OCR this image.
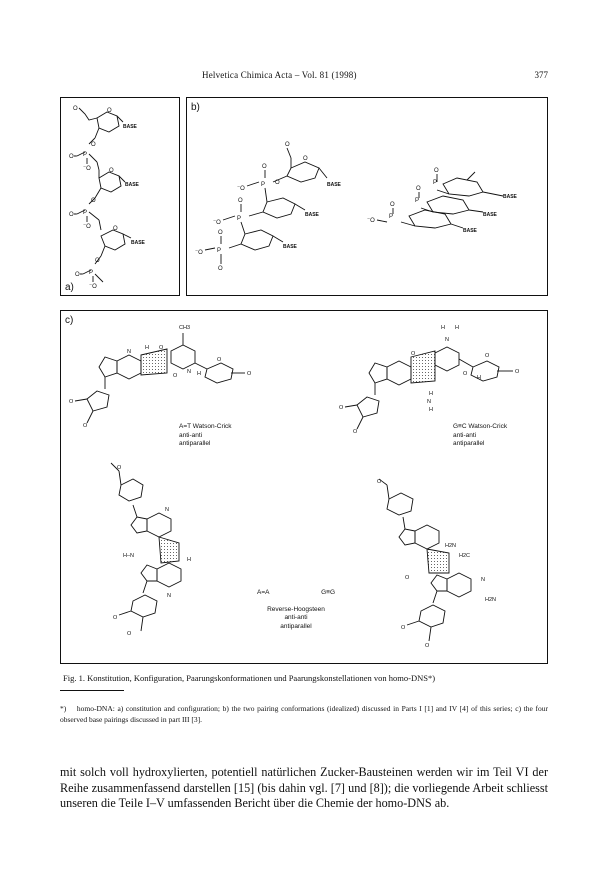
Helvetica Chimica Acta – Vol. 81 (1998)	377
O	O
BASE
O
O= P
⁻O	O
BASE
O
O= P
⁻O	O
BASE
O
O= P
⁻O
a)
b)
O
O
BASE
O
P
⁻O
O
BASE
O
P
⁻O
BASE
O
P
⁻O
O
BASE
BASE
BASE
O
P
O
P
O
P
⁻O
c)
CH3
H O
N
N H
O
O
O
O
O
H H
N
O
H
N
H
O
H
O
O
O
O
O
N
H–N
H
N
O
O
O
H2N
H2C
O	N
H2N
O
O
A=T Watson-Crick
anti-anti
antiparallel
G≡C Watson-Crick
anti-anti
antiparallel
A=A	G≡G
Reverse-Hoogsteen
anti-anti
antiparallel
Fig. 1. Konstitution, Konfiguration, Paarungskonformationen und Paarungskonstellationen von homo-DNS*)
*) homo-DNA: a) constitution and configuration; b) the two pairing conformations (idealized) discussed in Parts I [1] and IV [4] of this series; c) the four observed base pairings discussed in part III [3].
mit solch voll hydroxylierten, potentiell natürlichen Zucker-Bausteinen werden wir im Teil VI der Reihe zusammenfassend darstellen [15] (bis dahin vgl. [7] und [8]); die vorliegende Arbeit schliesst unseren die Teile I–V umfassenden Bericht über die Chemie der homo-DNS ab.
